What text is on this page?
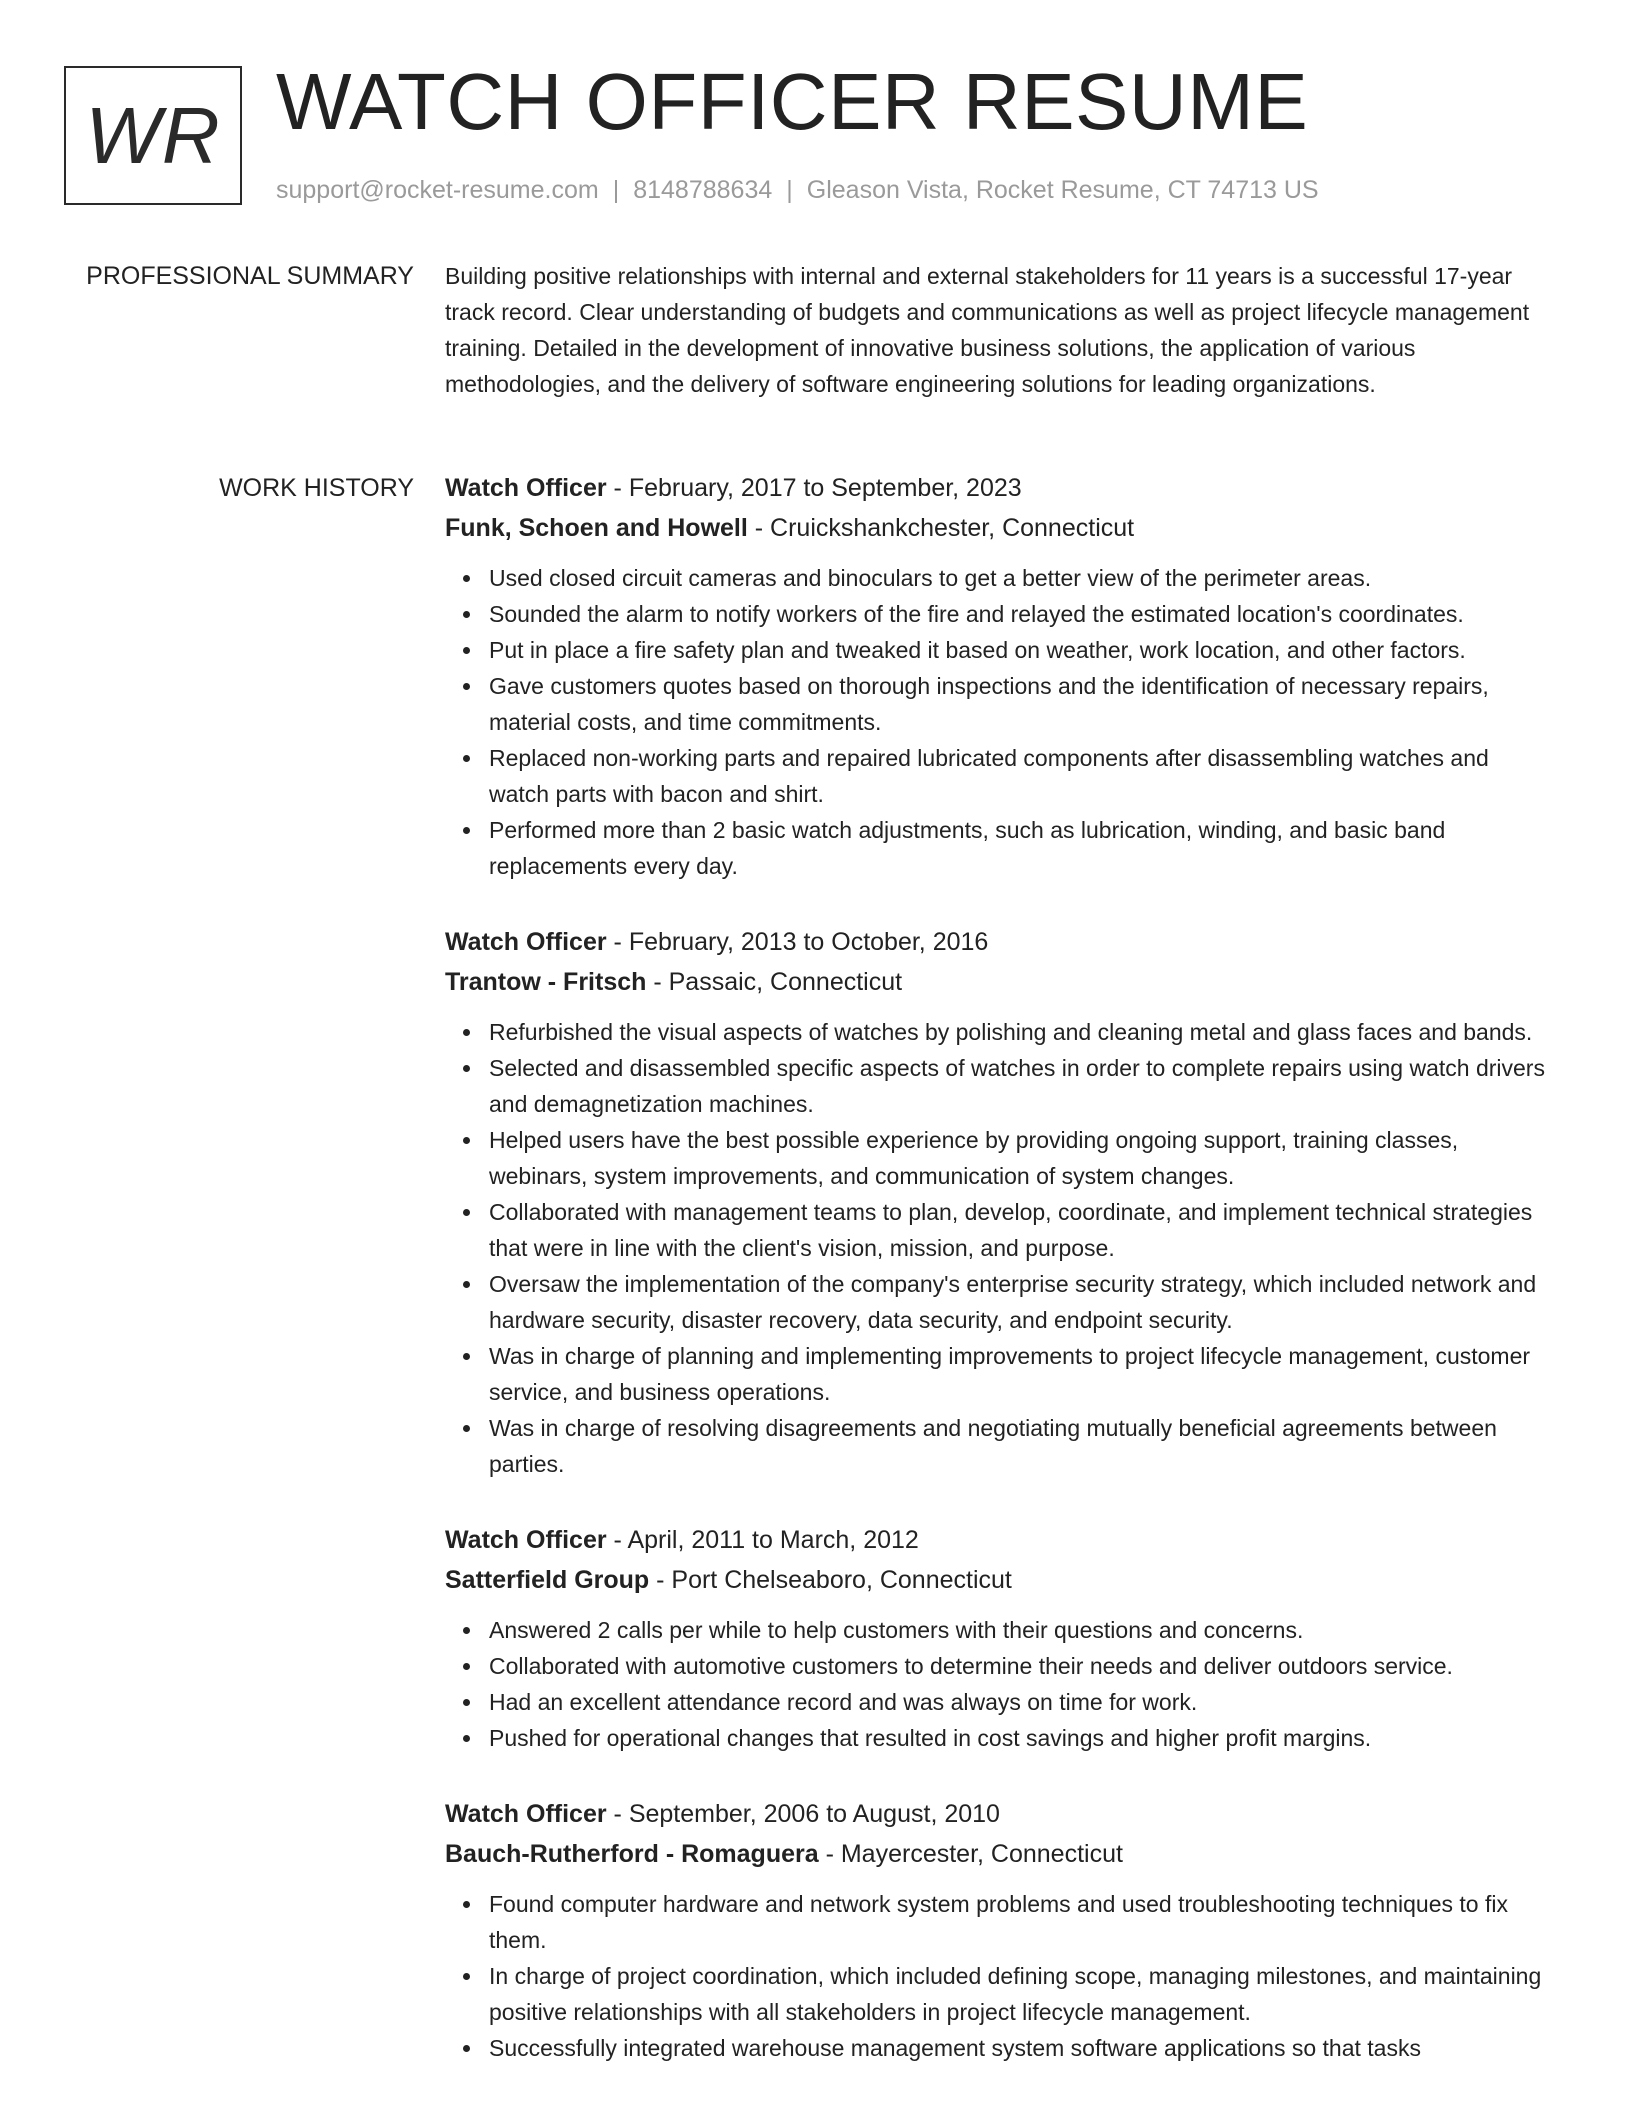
WR WATCH OFFICER RESUME
support@rocket-resume.com | 8148788634 | Gleason Vista, Rocket Resume, CT 74713 US
PROFESSIONAL SUMMARY Building positive relationships with internal and external stakeholders for 11 years is a successful 17-year track record. Clear understanding of budgets and communications as well as project lifecycle management training. Detailed in the development of innovative business solutions, the application of various methodologies, and the delivery of software engineering solutions for leading organizations.

WORK HISTORY Watch Officer - February, 2017 to September, 2023
Funk, Schoen and Howell - Cruickshankchester, Connecticut
Used closed circuit cameras and binoculars to get a better view of the perimeter areas.
Sounded the alarm to notify workers of the fire and relayed the estimated location's coordinates.
Put in place a fire safety plan and tweaked it based on weather, work location, and other factors.
Gave customers quotes based on thorough inspections and the identification of necessary repairs, material costs, and time commitments.
Replaced non-working parts and repaired lubricated components after disassembling watches and watch parts with bacon and shirt.
Performed more than 2 basic watch adjustments, such as lubrication, winding, and basic band replacements every day.
Watch Officer - February, 2013 to October, 2016
Trantow - Fritsch - Passaic, Connecticut
Refurbished the visual aspects of watches by polishing and cleaning metal and glass faces and bands.
Selected and disassembled specific aspects of watches in order to complete repairs using watch drivers and demagnetization machines.
Helped users have the best possible experience by providing ongoing support, training classes, webinars, system improvements, and communication of system changes.
Collaborated with management teams to plan, develop, coordinate, and implement technical strategies that were in line with the client's vision, mission, and purpose.
Oversaw the implementation of the company's enterprise security strategy, which included network and hardware security, disaster recovery, data security, and endpoint security.
Was in charge of planning and implementing improvements to project lifecycle management, customer service, and business operations.
Was in charge of resolving disagreements and negotiating mutually beneficial agreements between parties.
Watch Officer - April, 2011 to March, 2012
Satterfield Group - Port Chelseaboro, Connecticut
Answered 2 calls per while to help customers with their questions and concerns.
Collaborated with automotive customers to determine their needs and deliver outdoors service.
Had an excellent attendance record and was always on time for work.
Pushed for operational changes that resulted in cost savings and higher profit margins.
Watch Officer - September, 2006 to August, 2010
Bauch-Rutherford - Romaguera - Mayercester, Connecticut
Found computer hardware and network system problems and used troubleshooting techniques to fix them.
In charge of project coordination, which included defining scope, managing milestones, and maintaining positive relationships with all stakeholders in project lifecycle management.
Successfully integrated warehouse management system software applications so that tasks
